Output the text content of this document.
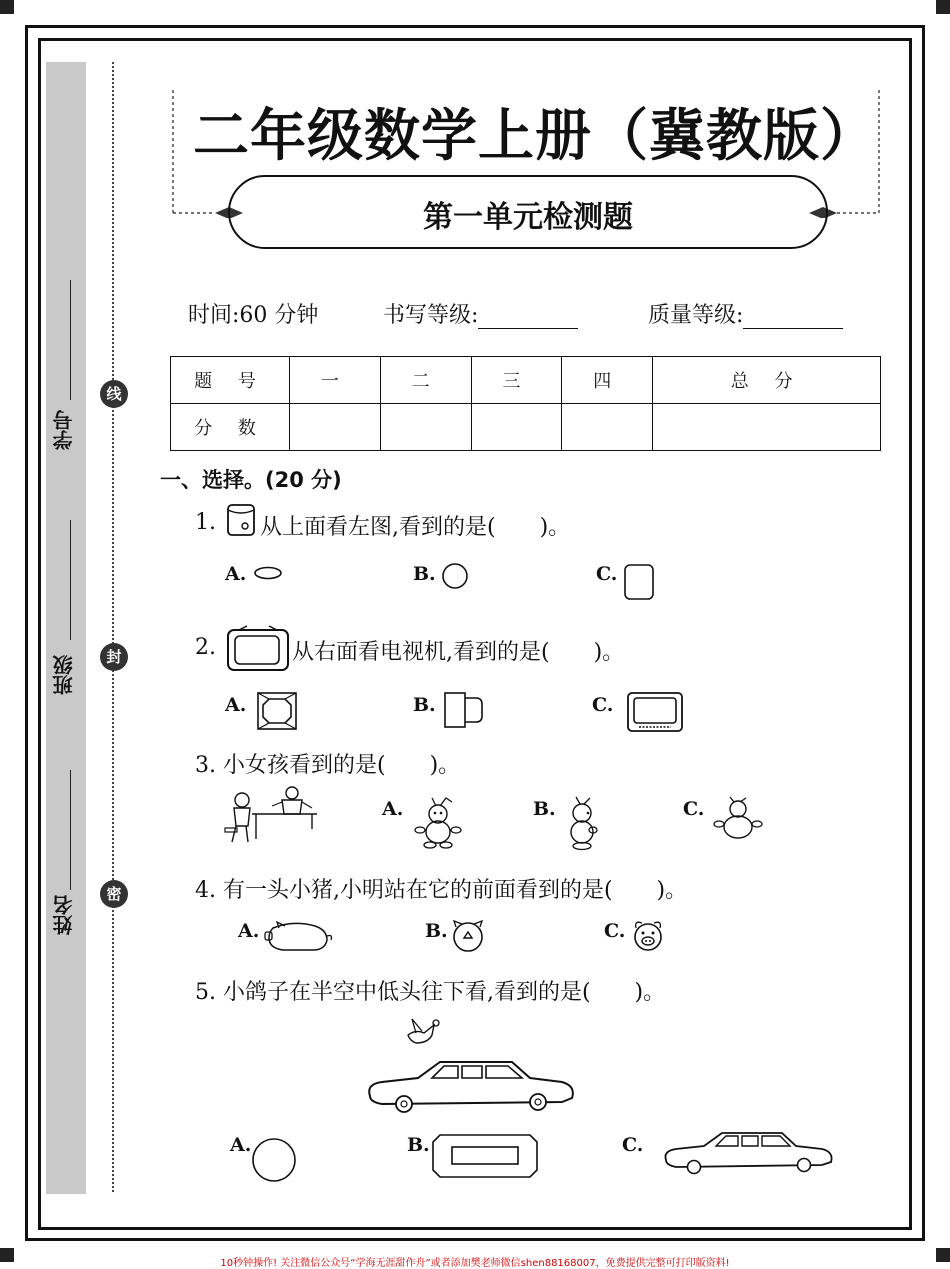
线
封
密
学号
班级
姓名
二年级数学上册（冀教版）
第一单元检测题
时间:60 分钟	书写等级:	质量等级:
题 号	一	二	三	四	总 分
分 数					
一、选择。(20 分)
1. 从上面看左图,看到的是(　　)。
A.	B.	C.
2.	从右面看电视机,看到的是(　　)。
A.	B.	C.
3. 小女孩看到的是(　　)。
A.	B.	C.
4. 有一头小猪,小明站在它的前面看到的是(　　)。
A.	B.	C.
5. 小鸽子在半空中低头往下看,看到的是(　　)。
A.	B.	C.
10秒钟操作! 关注微信公众号“学海无涯甜作舟”或者添加樊老师微信shen88168007，免费提供完整可打印版资料!
